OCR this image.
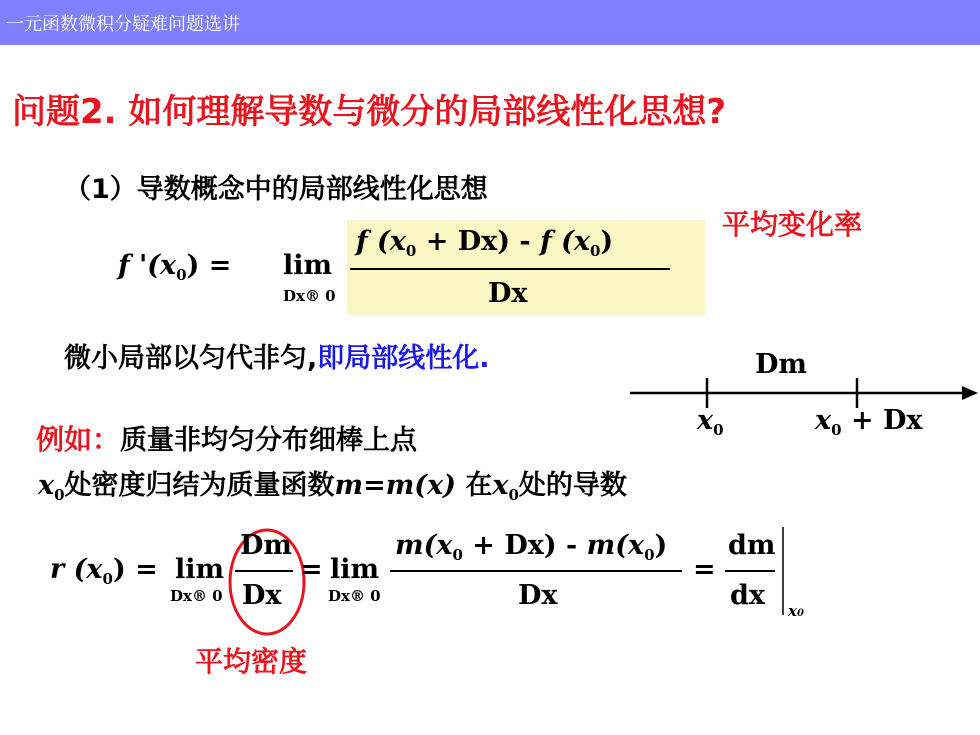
一元函数微积分疑难问题选讲
问题2. 如何理解导数与微分的局部线性化思想?
（1）导数概念中的局部线性化思想
f '$(x_0) = \lim$
Dx® 0
f $(x_0 + Dx) - f$ $(x_0)$
Dx
平均变化率
微小局部以匀代非匀,即局部线性化.	Dm
$x_0$	$x_0 + Dx$
例如：质量非均匀分布细棒上点
$x_0$处密度归结为质量函数m=m(x) 在$x_0$处的导数
r $(x_0) = \lim$
Dx® 0
Dm
Dx
= lim
Dx® 0
$m(x_0 + Dx) - m(x_0)$
Dx
=
dm
dx x0
平均密度
